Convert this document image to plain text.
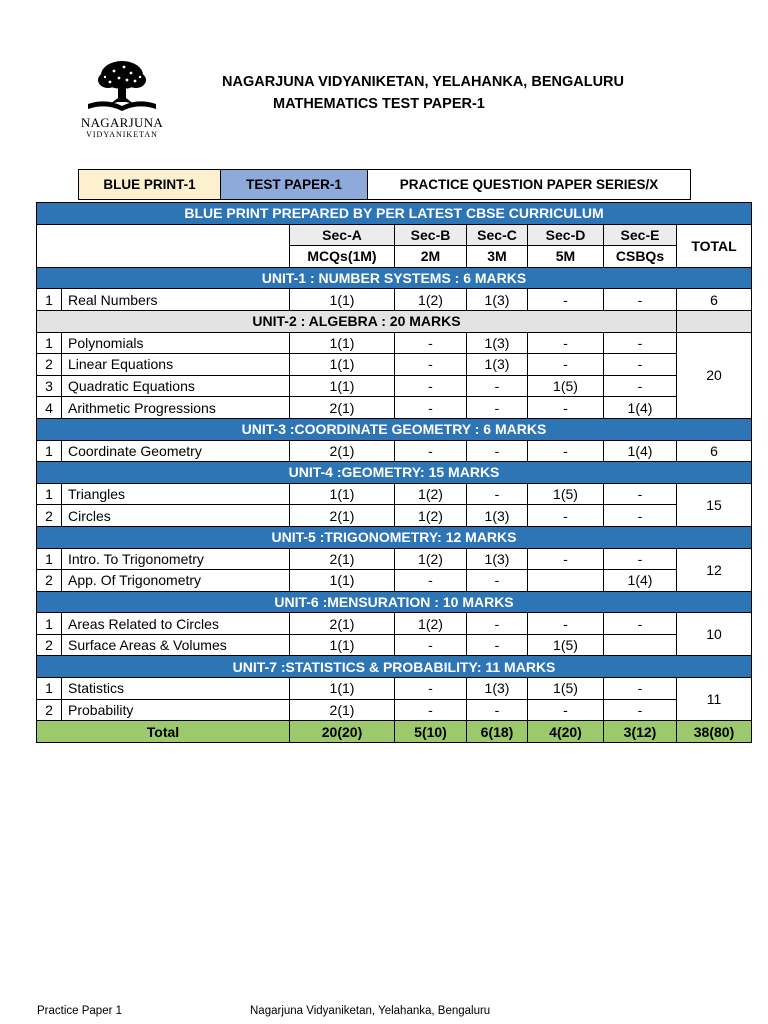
NAGARJUNA
VIDYANIKETAN
NAGARJUNA VIDYANIKETAN, YELAHANKA, BENGALURU
MATHEMATICS TEST PAPER-1
BLUE PRINT-1	TEST PAPER-1	PRACTICE QUESTION PAPER SERIES/X
BLUE PRINT PREPARED BY PER LATEST CBSE CURRICULUM							
		Sec-A	Sec-B	Sec-C	Sec-D	Sec-E	TOTAL
		MCQs(1M)	2M	3M	5M	CSBQs	
UNIT-1 : NUMBER SYSTEMS : 6 MARKS							
1	Real Numbers	1(1)	1(2)	1(3)	-	-	6
UNIT-2 : ALGEBRA : 20 MARKS							
1	Polynomials	1(1)	-	1(3)	-	-	20
2	Linear Equations	1(1)	-	1(3)	-	-	
3	Quadratic Equations	1(1)	-	-	1(5)	-	
4	Arithmetic Progressions	2(1)	-	-	-	1(4)	
UNIT-3 :COORDINATE GEOMETRY : 6 MARKS							
1	Coordinate Geometry	2(1)	-	-	-	1(4)	6
UNIT-4 :GEOMETRY: 15 MARKS							
1	Triangles	1(1)	1(2)	-	1(5)	-	15
2	Circles	2(1)	1(2)	1(3)	-	-	
UNIT-5 :TRIGONOMETRY: 12 MARKS							
1	Intro. To Trigonometry	2(1)	1(2)	1(3)	-	-	12
2	App. Of Trigonometry	1(1)	-	-		1(4)	
UNIT-6 :MENSURATION : 10 MARKS							
1	Areas Related to Circles	2(1)	1(2)	-	-	-	10
2	Surface Areas & Volumes	1(1)	-	-	1(5)		
UNIT-7 :STATISTICS & PROBABILITY: 11 MARKS							
1	Statistics	1(1)	-	1(3)	1(5)	-	11
2	Probability	2(1)	-	-	-	-	
Total		20(20)	5(10)	6(18)	4(20)	3(12)	38(80)
Practice Paper 1	Nagarjuna Vidyaniketan, Yelahanka, Bengaluru
